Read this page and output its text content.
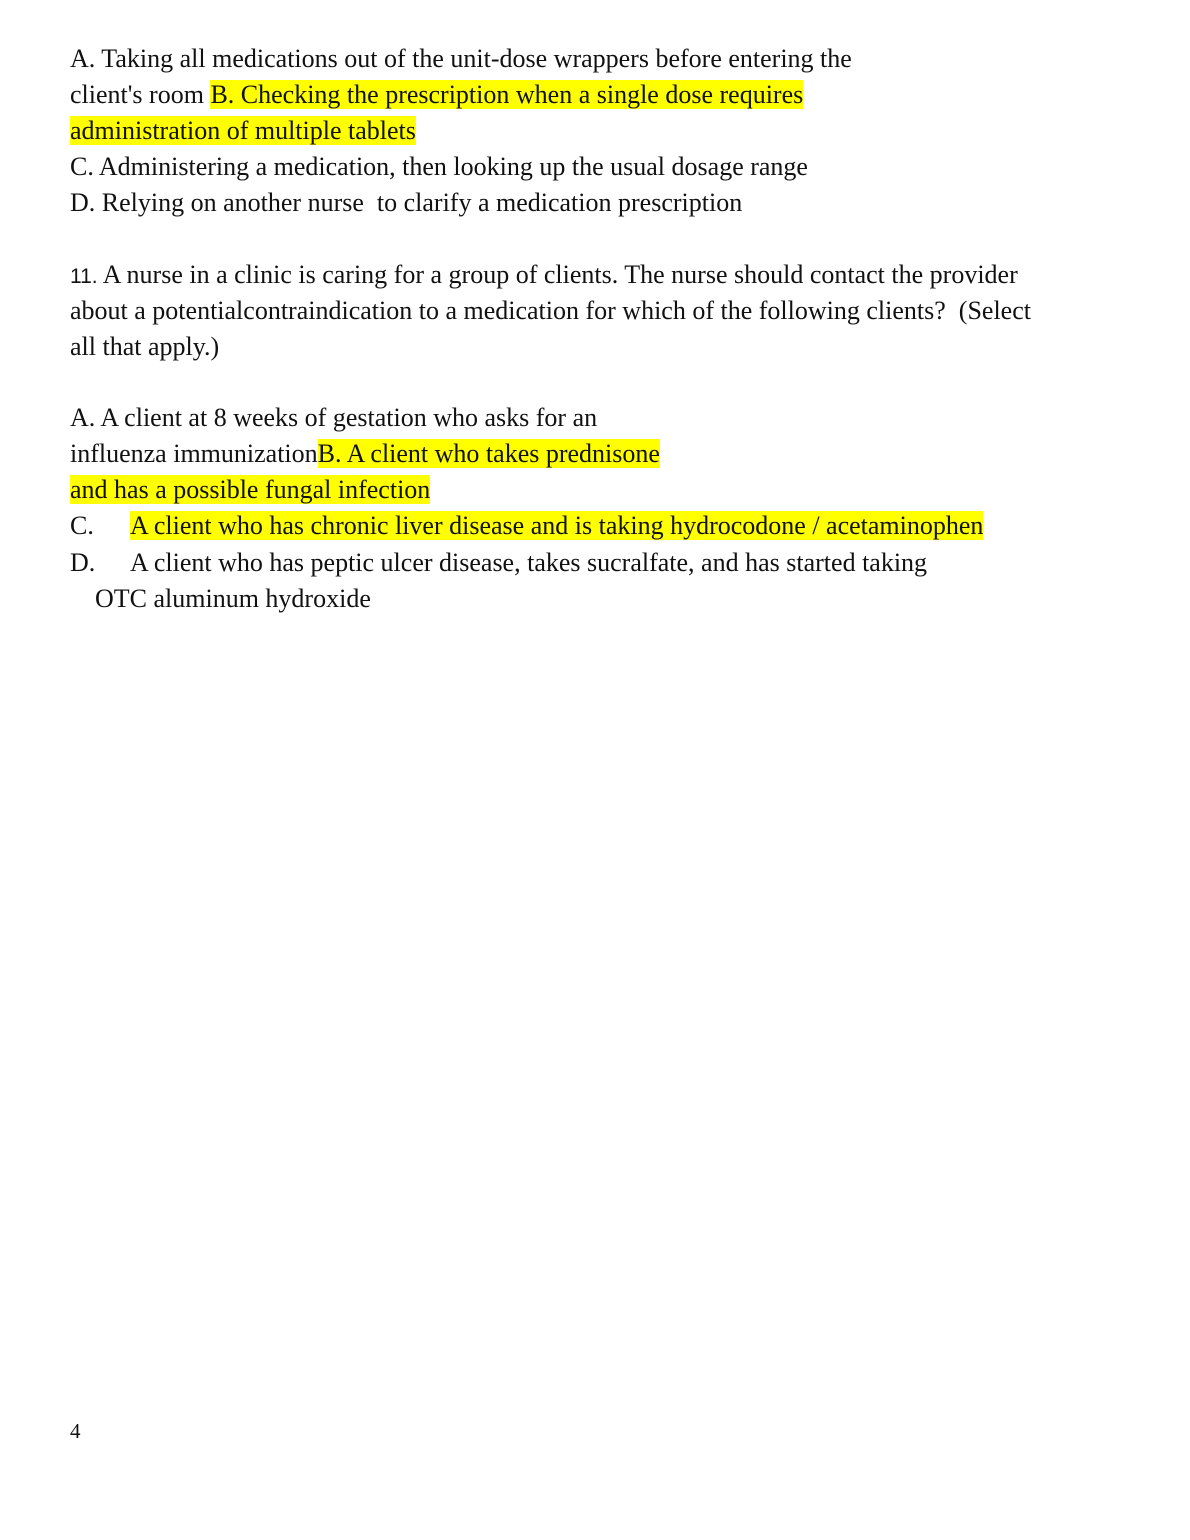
A. Taking all medications out of the unit-dose wrappers before entering the
client's room B. Checking the prescription when a single dose requires
administration of multiple tablets
C. Administering a medication, then looking up the usual dosage range
D. Relying on another nurse  to clarify a medication prescription
11. A nurse in a clinic is caring for a group of clients. The nurse should contact the provider
about a potentialcontraindication to a medication for which of the following clients?  (Select
all that apply.)
A. A client at 8 weeks of gestation who asks for an
influenza immunizationB. A client who takes prednisone
and has a possible fungal infection
C. A client who has chronic liver disease and is taking hydrocodone / acetaminophen
D. A client who has peptic ulcer disease, takes sucralfate, and has started taking
OTC aluminum hydroxide
4
